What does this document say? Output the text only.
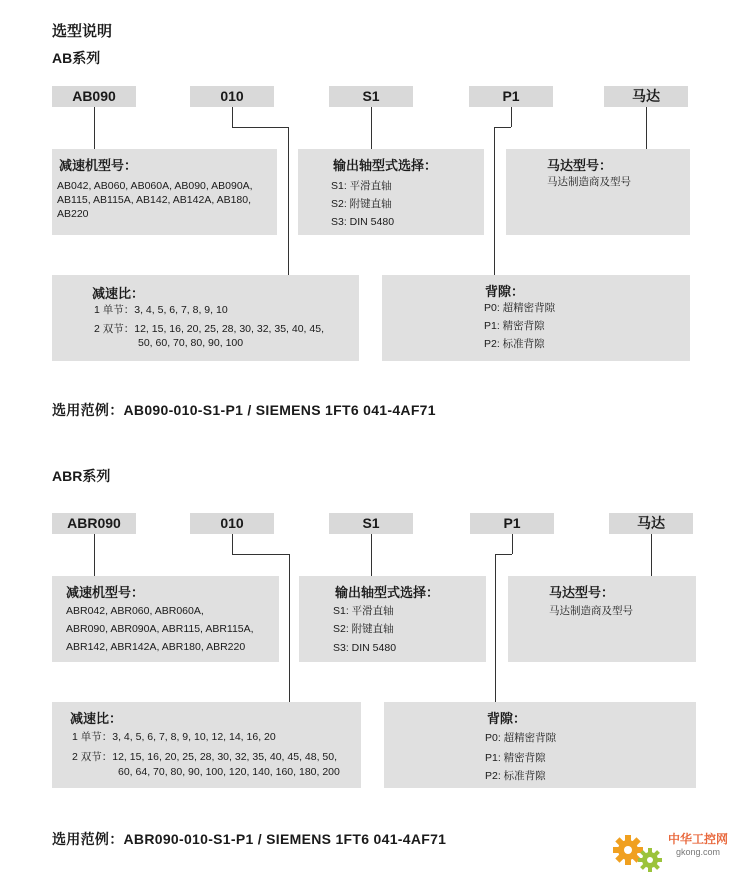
选型说明
AB系列
AB090	010	S1	P1	马达
减速机型号：
AB042, AB060, AB060A, AB090, AB090A,
AB115, AB115A, AB142, AB142A, AB180,
AB220
输出轴型式选择：
S1: 平滑直轴
S2: 附键直轴
S3: DIN 5480
马达型号：
马达制造商及型号
减速比：
1 单节：3, 4, 5, 6, 7, 8, 9, 10
2 双节：12, 15, 16, 20, 25, 28, 30, 32, 35, 40, 45,
50, 60, 70, 80, 90, 100
背隙：
P0: 超精密背隙
P1: 精密背隙
P2: 标准背隙
选用范例：AB090-010-S1-P1 / SIEMENS 1FT6 041-4AF71
ABR系列
ABR090	010	S1	P1	马达
减速机型号：
ABR042, ABR060, ABR060A,
ABR090, ABR090A, ABR115, ABR115A,
ABR142, ABR142A, ABR180, ABR220
输出轴型式选择：
S1: 平滑直轴
S2: 附键直轴
S3: DIN 5480
马达型号：
马达制造商及型号
减速比：
1 单节：3, 4, 5, 6, 7, 8, 9, 10, 12, 14, 16, 20
2 双节：12, 15, 16, 20, 25, 28, 30, 32, 35, 40, 45, 48, 50,
60, 64, 70, 80, 90, 100, 120, 140, 160, 180, 200
背隙：
P0: 超精密背隙
P1: 精密背隙
P2: 标准背隙
选用范例：ABR090-010-S1-P1 / SIEMENS 1FT6 041-4AF71	中华工控网
gkong.com
